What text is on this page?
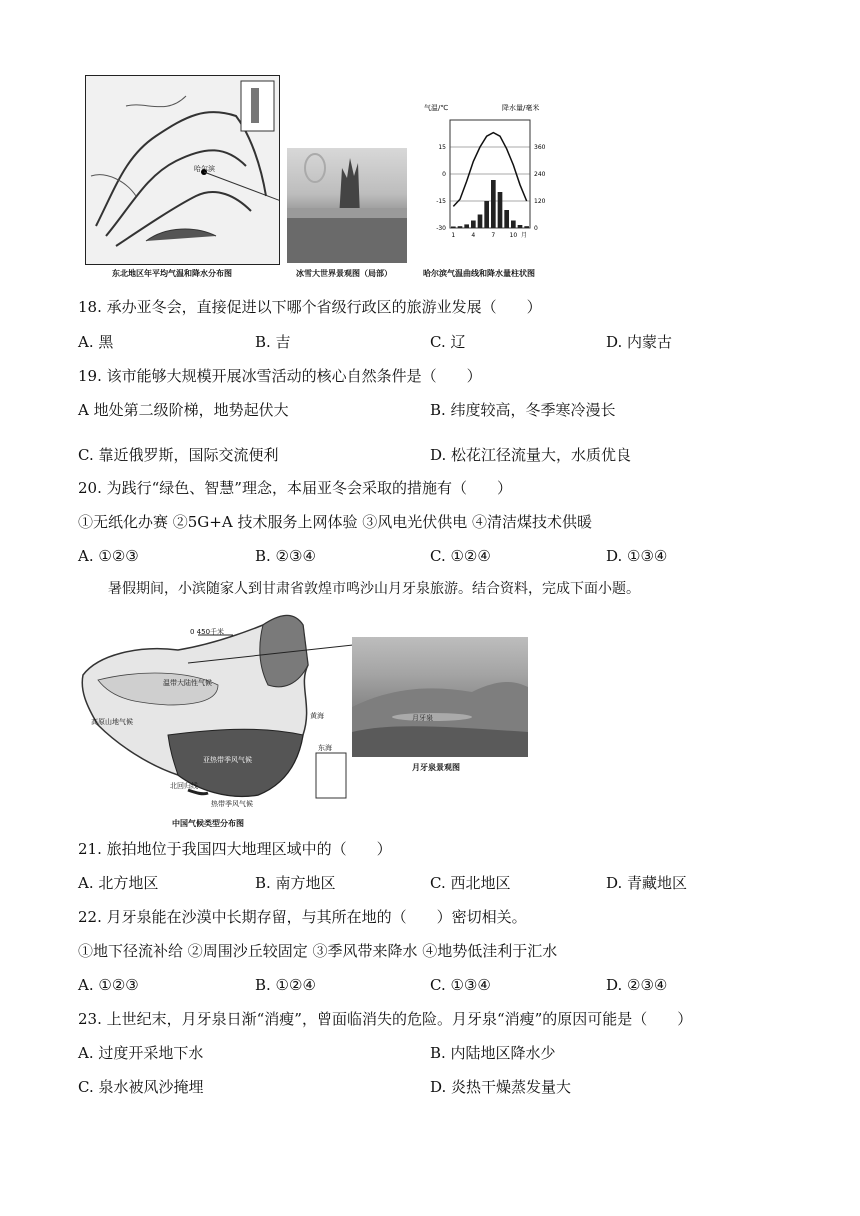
哈尔滨
东北地区年平均气温和降水分布图	冰雪大世界景观图（局部）
气温/℃	降水量/毫米
15	360
0	240
-15	120
-30	0
1	4	7 10 月
哈尔滨气温曲线和降水量柱状图
18. 承办亚冬会，直接促进以下哪个省级行政区的旅游业发展（　　）
A. 黑	B. 吉	C. 辽	D. 内蒙古
19. 该市能够大规模开展冰雪活动的核心自然条件是（　　）
A 地处第二级阶梯，地势起伏大	B. 纬度较高，冬季寒冷漫长
C. 靠近俄罗斯，国际交流便利	D. 松花江径流量大，水质优良
20. 为践行“绿色、智慧”理念，本届亚冬会采取的措施有（　　）
①无纸化办赛 ②5G+A 技术服务上网体验 ③风电光伏供电 ④清洁煤技术供暖
A. ①②③	B. ②③④	C. ①②④	D. ①③④
暑假期间，小滨随家人到甘肃省敦煌市鸣沙山月牙泉旅游。结合资料，完成下面小题。
0 450千米
温带大陆性气候
高原山地气候
黄海
东海
亚热带季风气候
北回归线
热带季风气候
中国气候类型分布图
月牙泉
月牙泉景观图
21. 旅拍地位于我国四大地理区域中的（　　）
A. 北方地区	B. 南方地区	C. 西北地区	D. 青藏地区
22. 月牙泉能在沙漠中长期存留，与其所在地的（　　）密切相关。
①地下径流补给 ②周围沙丘较固定 ③季风带来降水 ④地势低洼利于汇水
A. ①②③	B. ①②④	C. ①③④	D. ②③④
23. 上世纪末，月牙泉日渐“消瘦”，曾面临消失的危险。月牙泉“消瘦”的原因可能是（　　）
A. 过度开采地下水	B. 内陆地区降水少
C. 泉水被风沙掩埋	D. 炎热干燥蒸发量大
